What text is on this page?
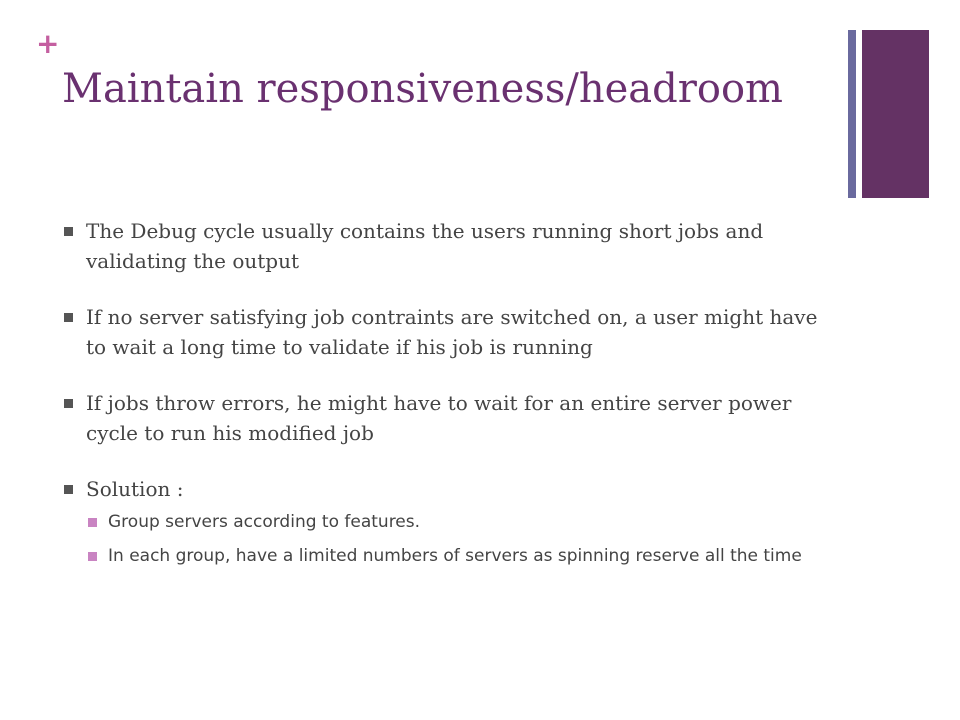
+
Maintain responsiveness/headroom
The Debug cycle usually contains the users running short jobs and validating the output
If no server satisfying job contraints are switched on, a user might have to wait a long time to validate if his job is running
If jobs throw errors, he might have to wait for an entire server power cycle to run his modified job
Solution :
Group servers according to features.
In each group, have a limited numbers of servers as spinning reserve all the time
